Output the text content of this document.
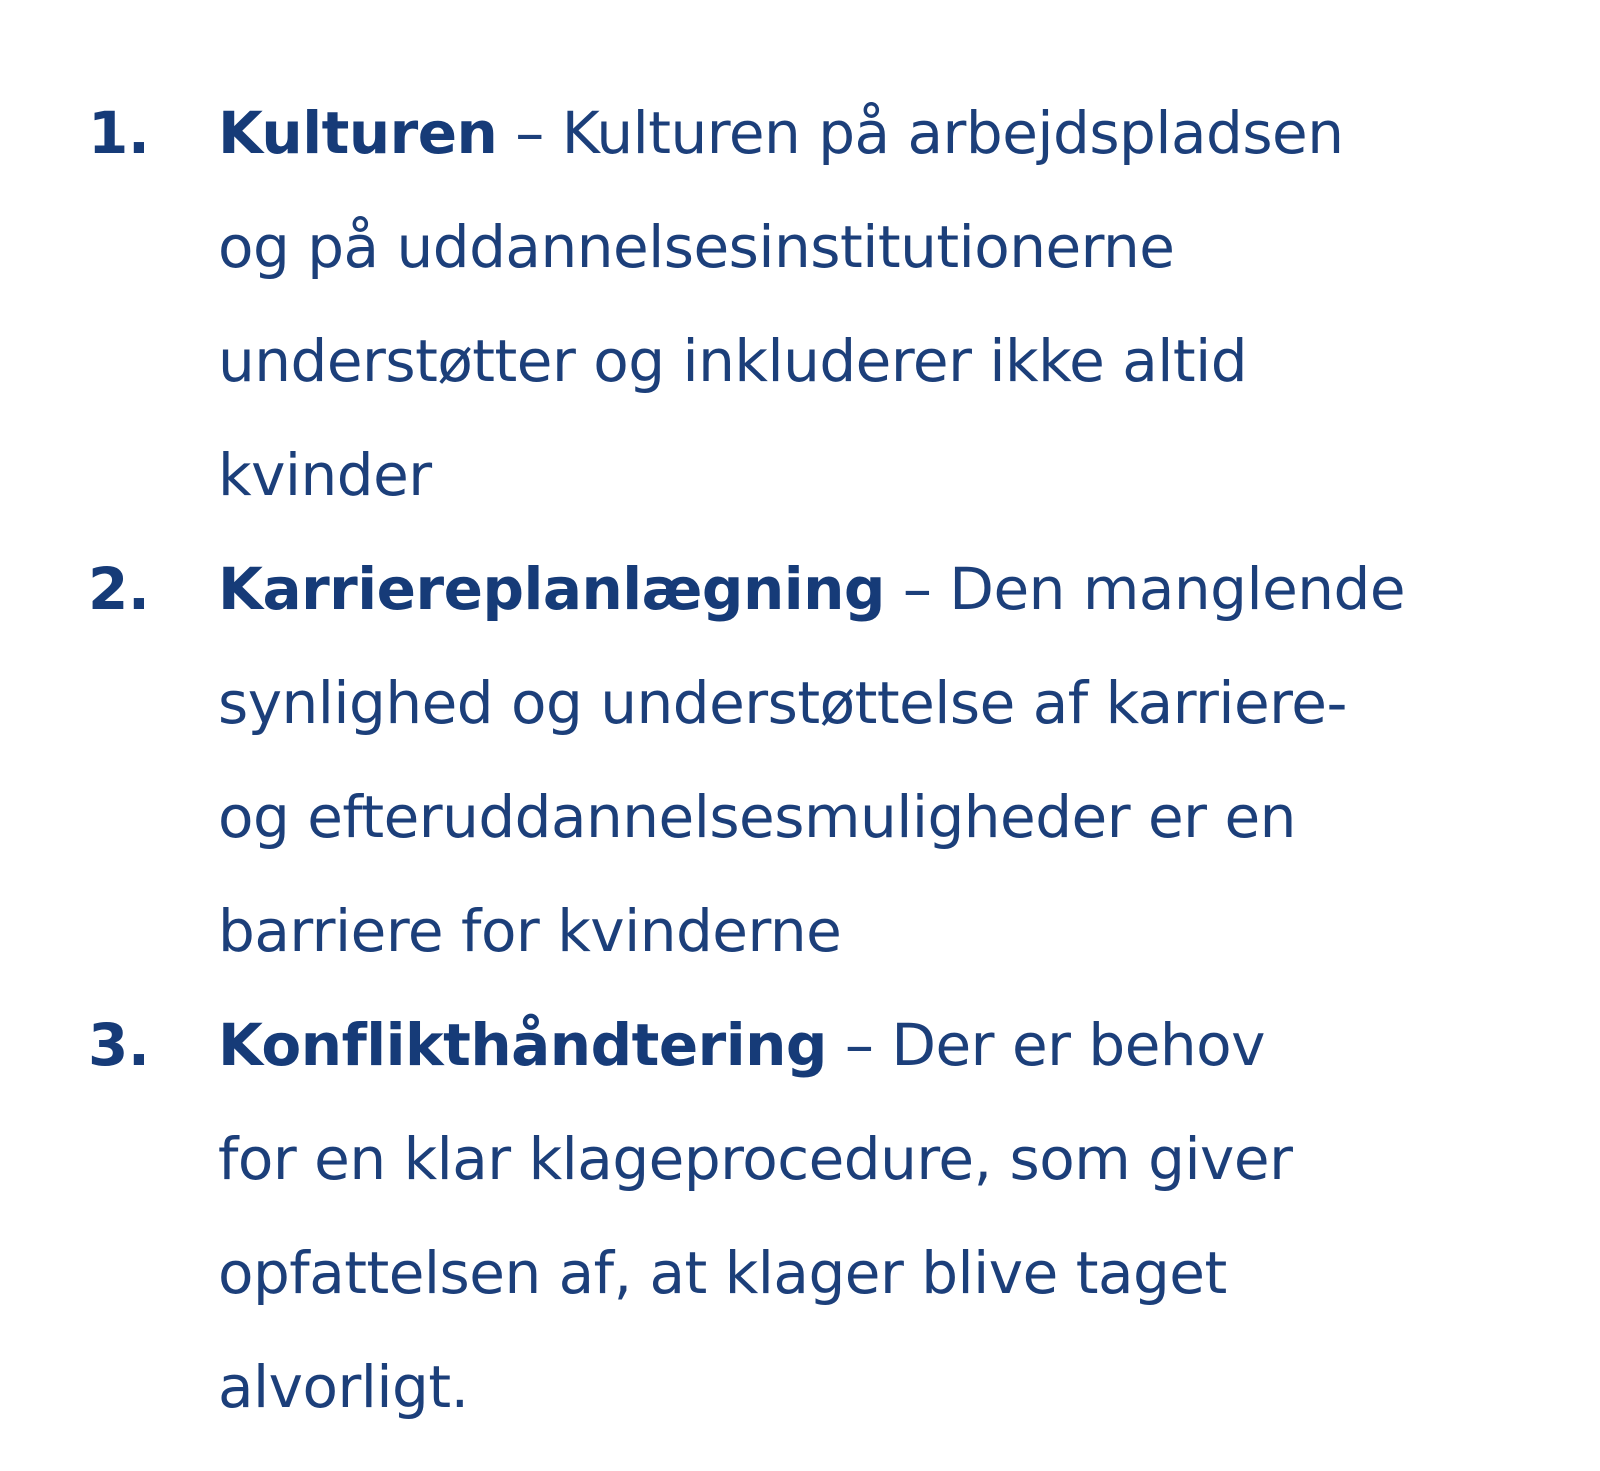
1. Kulturen – Kulturen på arbejdspladsen
og på uddannelsesinstitutionerne
understøtter og inkluderer ikke altid
kvinder
2. Karriereplanlægning – Den manglende
synlighed og understøttelse af karriere-
og efteruddannelsesmuligheder er en
barriere for kvinderne
3. Konflikthåndtering – Der er behov
for en klar klageprocedure, som giver
opfattelsen af, at klager blive taget
alvorligt.
